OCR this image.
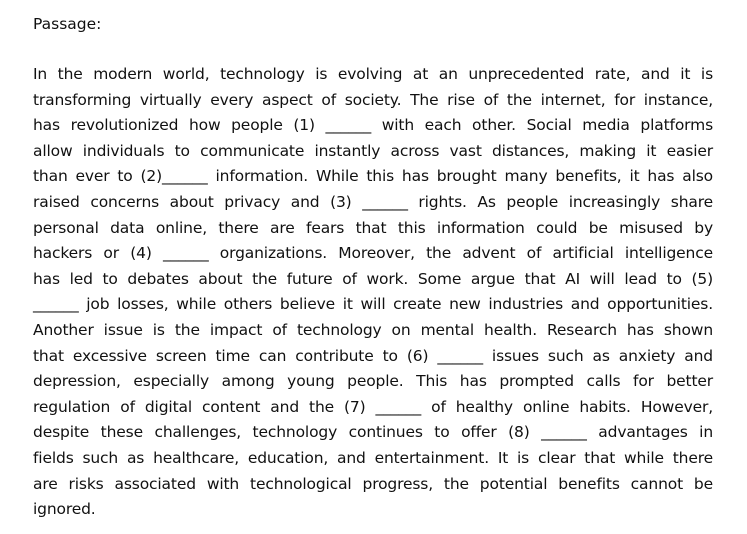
Passage:
In the modern world, technology is evolving at an unprecedented rate, and it is
transforming virtually every aspect of society. The rise of the internet, for instance,
has revolutionized how people (1) ______ with each other. Social media platforms
allow individuals to communicate instantly across vast distances, making it easier
than ever to (2)______ information. While this has brought many benefits, it has also
raised concerns about privacy and (3) ______ rights. As people increasingly share
personal data online, there are fears that this information could be misused by
hackers or (4) ______ organizations. Moreover, the advent of artificial intelligence
has led to debates about the future of work. Some argue that AI will lead to (5)
______ job losses, while others believe it will create new industries and opportunities.
Another issue is the impact of technology on mental health. Research has shown
that excessive screen time can contribute to (6) ______ issues such as anxiety and
depression, especially among young people. This has prompted calls for better
regulation of digital content and the (7) ______ of healthy online habits. However,
despite these challenges, technology continues to offer (8) ______ advantages in
fields such as healthcare, education, and entertainment. It is clear that while there
are risks associated with technological progress, the potential benefits cannot be
ignored.
